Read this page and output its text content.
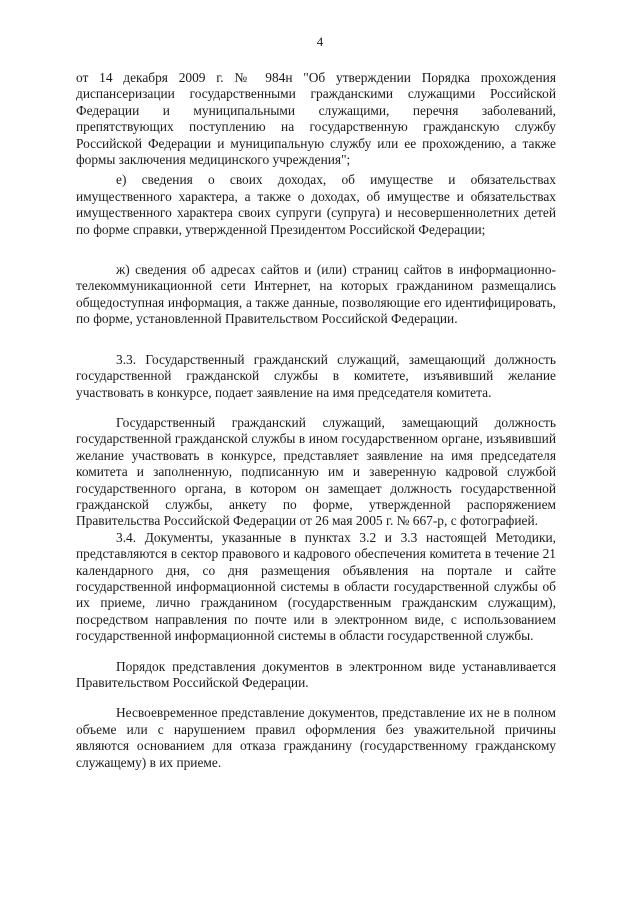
4

от 14 декабря 2009 г. № 984н "Об утверждении Порядка прохождения диспансеризации государственными гражданскими служащими Российской Федерации и муниципальными служащими, перечня заболеваний, препятствующих поступлению на государственную гражданскую службу Российской Федерации и муниципальную службу или ее прохождению, а также формы заключения медицинского учреждения";

е) сведения о своих доходах, об имуществе и обязательствах имущественного характера, а также о доходах, об имуществе и обязательствах имущественного характера своих супруги (супруга) и несовершеннолетних детей по форме справки, утвержденной Президентом Российской Федерации;

ж) сведения об адресах сайтов и (или) страниц сайтов в информационно-телекоммуникационной сети Интернет, на которых гражданином размещались общедоступная информация, а также данные, позволяющие его идентифицировать, по форме, установленной Правительством Российской Федерации.

3.3. Государственный гражданский служащий, замещающий должность государственной гражданской службы в комитете, изъявивший желание участвовать в конкурсе, подает заявление на имя председателя комитета.

Государственный гражданский служащий, замещающий должность государственной гражданской службы в ином государственном органе, изъявивший желание участвовать в конкурсе, представляет заявление на имя председателя комитета и заполненную, подписанную им и заверенную кадровой службой государственного органа, в котором он замещает должность государственной гражданской службы, анкету по форме, утвержденной распоряжением Правительства Российской Федерации от 26 мая 2005 г. № 667-р, с фотографией.

3.4. Документы, указанные в пунктах 3.2 и 3.3 настоящей Методики, представляются в сектор правового и кадрового обеспечения комитета в течение 21 календарного дня, со дня размещения объявления на портале и сайте государственной информационной системы в области государственной службы об их приеме, лично гражданином (государственным гражданским служащим), посредством направления по почте или в электронном виде, с использованием государственной информационной системы в области государственной службы.

Порядок представления документов в электронном виде устанавливается Правительством Российской Федерации.

Несвоевременное представление документов, представление их не в полном объеме или с нарушением правил оформления без уважительной причины являются основанием для отказа гражданину (государственному гражданскому служащему) в их приеме.
